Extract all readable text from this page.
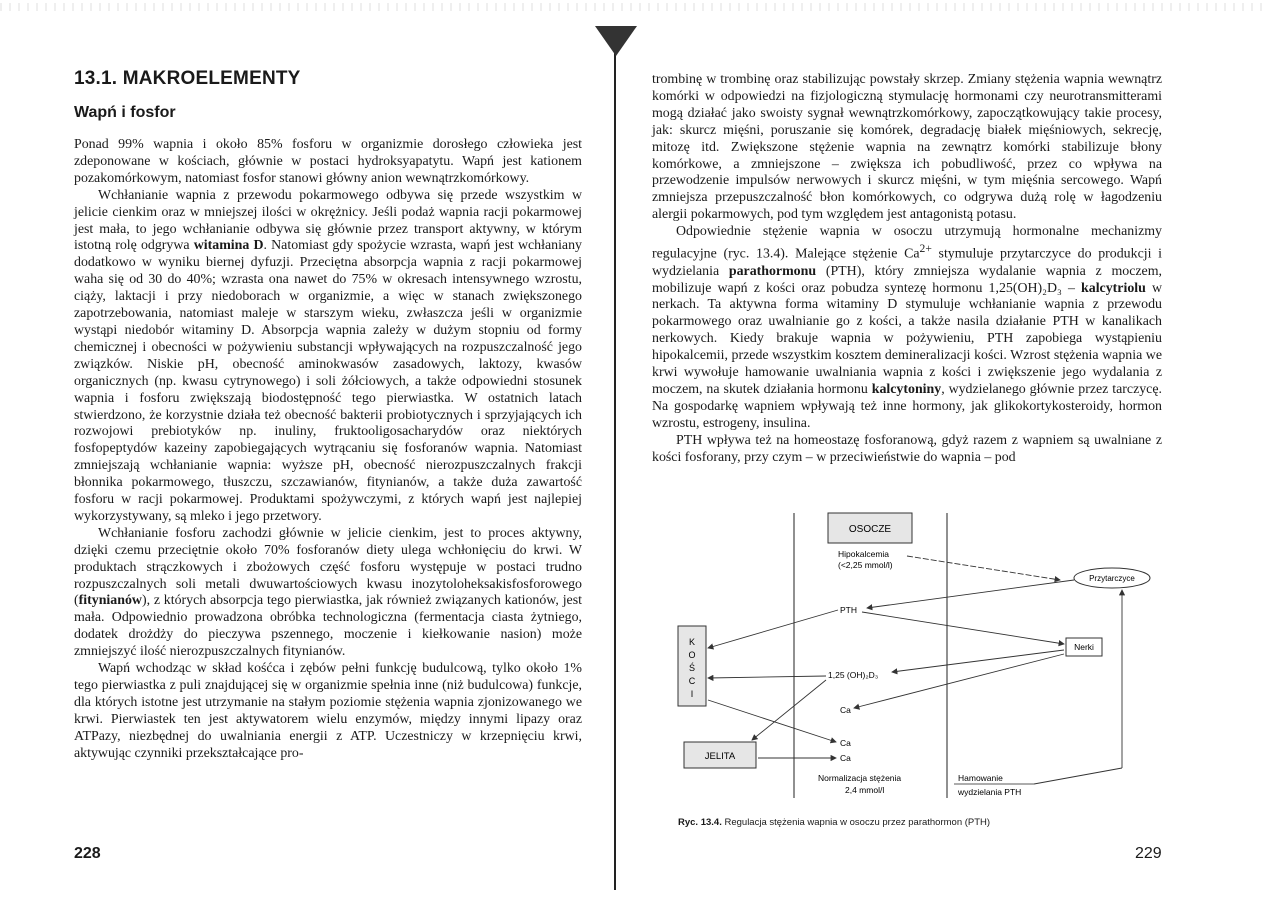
13.1. MAKROELEMENTY
Wapń i fosfor

Ponad 99% wapnia i około 85% fosforu w organizmie dorosłego człowieka jest zdeponowane w kościach, głównie w postaci hydroksyapatytu. Wapń jest kationem pozakomórkowym, natomiast fosfor stanowi główny anion wewnątrzkomórkowy.

Wchłanianie wapnia z przewodu pokarmowego odbywa się przede wszystkim w jelicie cienkim oraz w mniejszej ilości w okrężnicy. Jeśli podaż wapnia racji pokarmowej jest mała, to jego wchłanianie odbywa się głównie przez transport aktywny, w którym istotną rolę odgrywa witamina D. Natomiast gdy spożycie wzrasta, wapń jest wchłaniany dodatkowo w wyniku biernej dyfuzji. Przeciętna absorpcja wapnia z racji pokarmowej waha się od 30 do 40%; wzrasta ona nawet do 75% w okresach intensywnego wzrostu, ciąży, laktacji i przy niedoborach w organizmie, a więc w stanach zwiększonego zapotrzebowania, natomiast maleje w starszym wieku, zwłaszcza jeśli w organizmie wystąpi niedobór witaminy D. Absorpcja wapnia zależy w dużym stopniu od formy chemicznej i obecności w pożywieniu substancji wpływających na rozpuszczalność jego związków. Niskie pH, obecność aminokwasów zasadowych, laktozy, kwasów organicznych (np. kwasu cytrynowego) i soli żółciowych, a także odpowiedni stosunek wapnia i fosforu zwiększają biodostępność tego pierwiastka. W ostatnich latach stwierdzono, że korzystnie działa też obecność bakterii probiotycznych i sprzyjających ich rozwojowi prebiotyków np. inuliny, fruktooligosacharydów oraz niektórych fosfopeptydów kazeiny zapobiegających wytrącaniu się fosforanów wapnia. Natomiast zmniejszają wchłanianie wapnia: wyższe pH, obecność nierozpuszczalnych frakcji błonnika pokarmowego, tłuszczu, szczawianów, fitynianów, a także duża zawartość fosforu w racji pokarmowej. Produktami spożywczymi, z których wapń jest najlepiej wykorzystywany, są mleko i jego przetwory.

Wchłanianie fosforu zachodzi głównie w jelicie cienkim, jest to proces aktywny, dzięki czemu przeciętnie około 70% fosforanów diety ulega wchłonięciu do krwi. W produktach strączkowych i zbożowych część fosforu występuje w postaci trudno rozpuszczalnych soli metali dwuwartościowych kwasu inozytoloheksakisfosforowego (fitynianów), z których absorpcja tego pierwiastka, jak również związanych kationów, jest mała. Odpowiednio prowadzona obróbka technologiczna (fermentacja ciasta żytniego, dodatek drożdży do pieczywa pszennego, moczenie i kiełkowanie nasion) może zmniejszyć ilość nierozpuszczalnych fitynianów.

Wapń wchodząc w skład kośćca i zębów pełni funkcję budulcową, tylko około 1% tego pierwiastka z puli znajdującej się w organizmie spełnia inne (niż budulcowa) funkcje, dla których istotne jest utrzymanie na stałym poziomie stężenia wapnia zjonizowanego we krwi. Pierwiastek ten jest aktywatorem wielu enzymów, między innymi lipazy oraz ATPazy, niezbędnej do uwalniania energii z ATP. Uczestniczy w krzepnięciu krwi, aktywując czynniki przekształcające pro-

228

trombinę w trombinę oraz stabilizując powstały skrzep. Zmiany stężenia wapnia wewnątrz komórki w odpowiedzi na fizjologiczną stymulację hormonami czy neurotransmitterami mogą działać jako swoisty sygnał wewnątrzkomórkowy, zapoczątkowujący takie procesy, jak: skurcz mięśni, poruszanie się komórek, degradację białek mięśniowych, sekrecję, mitozę itd. Zwiększone stężenie wapnia na zewnątrz komórki stabilizuje błony komórkowe, a zmniejszone – zwiększa ich pobudliwość, przez co wpływa na przewodzenie impulsów nerwowych i skurcz mięśni, w tym mięśnia sercowego. Wapń zmniejsza przepuszczalność błon komórkowych, co odgrywa dużą rolę w łagodzeniu alergii pokarmowych, pod tym względem jest antagonistą potasu.

Odpowiednie stężenie wapnia w osoczu utrzymują hormonalne mechanizmy regulacyjne (ryc. 13.4). Malejące stężenie $Ca^{2+}$ stymuluje przytarczyce do produkcji i wydzielania parathormonu (PTH), który zmniejsza wydalanie wapnia z moczem, mobilizuje wapń z kości oraz pobudza syntezę hormonu 1,25(OH)₂D₃ – kalcytriolu w nerkach. Ta aktywna forma witaminy D stymuluje wchłanianie wapnia z przewodu pokarmowego oraz uwalnianie go z kości, a także nasila działanie PTH w kanalikach nerkowych. Kiedy brakuje wapnia w pożywieniu, PTH zapobiega wystąpieniu hipokalcemii, przede wszystkim kosztem demineralizacji kości. Wzrost stężenia wapnia we krwi wywołuje hamowanie uwalniania wapnia z kości i zwiększenie jego wydalania z moczem, na skutek działania hormonu kalcytoniny, wydzielanego głównie przez tarczycę. Na gospodarkę wapniem wpływają też inne hormony, jak glikokortykosteroidy, hormon wzrostu, estrogeny, insulina.

PTH wpływa też na homeostazę fosforanową, gdyż razem z wapniem są uwalniane z kości fosforany, przy czym – w przeciwieństwie do wapnia – pod

OSOCZE
Hipokalcemia
(<2,25 mmol/l)
Przytarczyce
Nerki
K
O
Ś
C
I
JELITA
PTH
1,25 (OH)₂D₃
Ca
Ca
Ca
Normalizacja stężenia
2,4 mmol/l
Hamowanie
wydzielania PTH
Ryc. 13.4. Regulacja stężenia wapnia w osoczu przez parathormon (PTH)
229
